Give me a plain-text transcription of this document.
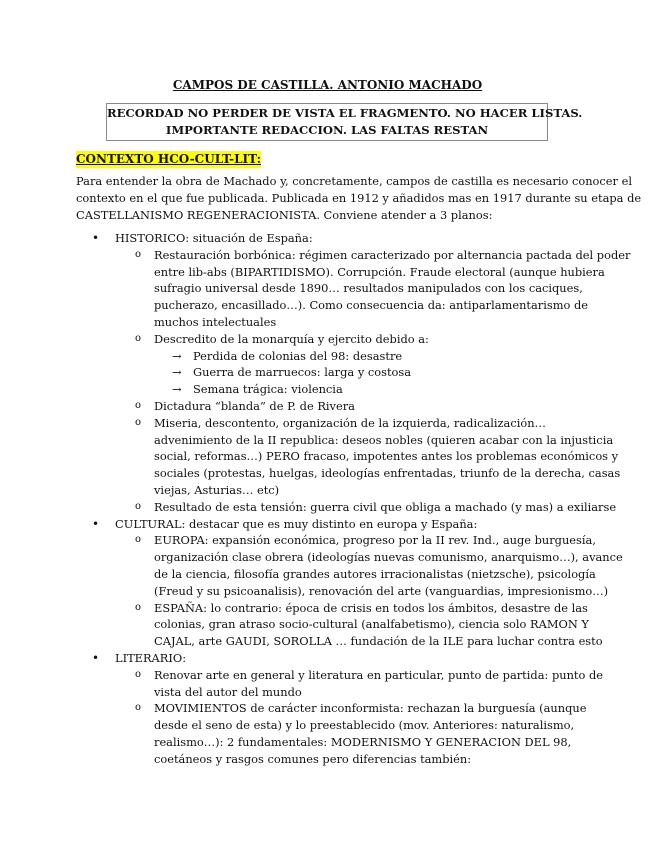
CAMPOS DE CASTILLA. ANTONIO MACHADO

RECORDAD NO PERDER DE VISTA EL FRAGMENTO. NO HACER LISTAS.
IMPORTANTE REDACCION. LAS FALTAS RESTAN

CONTEXTO HCO-CULT-LIT:

Para entender la obra de Machado y, concretamente, campos de castilla es necesario conocer el
contexto en el que fue publicada. Publicada en 1912 y añadidos mas en 1917 durante su etapa de
CASTELLANISMO REGENERACIONISTA. Conviene atender a 3 planos:
• HISTORICO: situación de España:
o Restauración borbónica: régimen caracterizado por alternancia pactada del poder
entre lib-abs (BIPARTIDISMO). Corrupción. Fraude electoral (aunque hubiera
sufragio universal desde 1890… resultados manipulados con los caciques,
pucherazo, encasillado…). Como consecuencia da: antiparlamentarismo de
muchos intelectuales
o Descredito de la monarquía y ejercito debido a:
→ Perdida de colonias del 98: desastre
→ Guerra de marruecos: larga y costosa
→ Semana trágica: violencia
o Dictadura “blanda” de P. de Rivera
o Miseria, descontento, organización de la izquierda, radicalización…
advenimiento de la II republica: deseos nobles (quieren acabar con la injusticia
social, reformas…) PERO fracaso, impotentes antes los problemas económicos y
sociales (protestas, huelgas, ideologías enfrentadas, triunfo de la derecha, casas
viejas, Asturias… etc)
o Resultado de esta tensión: guerra civil que obliga a machado (y mas) a exiliarse
• CULTURAL: destacar que es muy distinto en europa y España:
o EUROPA: expansión económica, progreso por la II rev. Ind., auge burguesía,
organización clase obrera (ideologías nuevas comunismo, anarquismo…), avance
de la ciencia, filosofía grandes autores irracionalistas (nietzsche), psicología
(Freud y su psicoanalisis), renovación del arte (vanguardias, impresionismo…)
o ESPAÑA: lo contrario: época de crisis en todos los ámbitos, desastre de las
colonias, gran atraso socio-cultural (analfabetismo), ciencia solo RAMON Y
CAJAL, arte GAUDI, SOROLLA … fundación de la ILE para luchar contra esto
• LITERARIO:
o Renovar arte en general y literatura en particular, punto de partida: punto de
vista del autor del mundo
o MOVIMIENTOS de carácter inconformista: rechazan la burguesía (aunque
desde el seno de esta) y lo preestablecido (mov. Anteriores: naturalismo,
realismo…): 2 fundamentales: MODERNISMO Y GENERACION DEL 98,
coetáneos y rasgos comunes pero diferencias también:
